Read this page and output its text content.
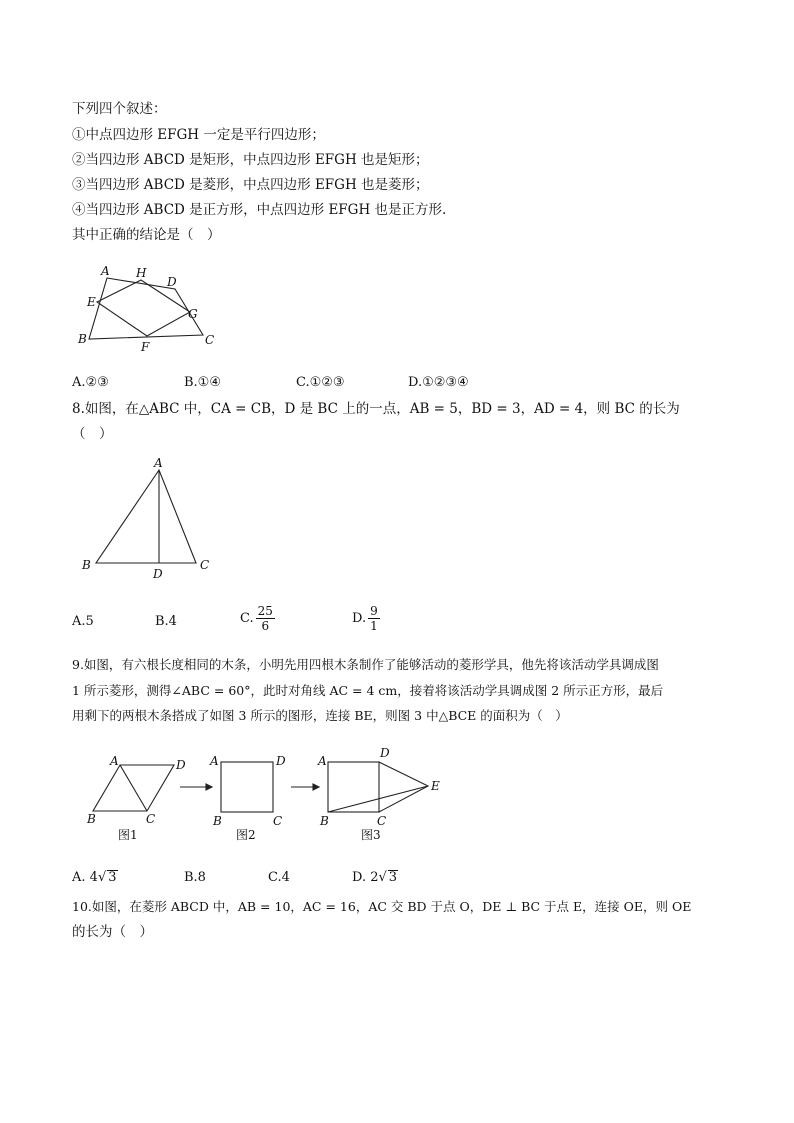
下列四个叙述：
①中点四边形 EFGH 一定是平行四边形；
②当四边形 ABCD 是矩形，中点四边形 EFGH 也是矩形；
③当四边形 ABCD 是菱形，中点四边形 EFGH 也是菱形；
④当四边形 ABCD 是正方形，中点四边形 EFGH 也是正方形.
其中正确的结论是（　）
A H
D
E
G
B
F	C
A.②③	B.①④	C.①②③	D.①②③④
8.如图，在△ABC 中，CA = CB，D 是 BC 上的一点，AB = 5，BD = 3，AD = 4，则 BC 的长为
（　）
A
B
D
C
A.5	B.4	C. $\frac{25}{6}$	D. $\frac{9}{1}$
9.如图，有六根长度相同的木条，小明先用四根木条制作了能够活动的菱形学具，他先将该活动学具调成图
1 所示菱形，测得∠ABC = 60°，此时对角线 AC = 4 cm，接着将该活动学具调成图 2 所示正方形，最后
用剩下的两根木条搭成了如图 3 所示的图形，连接 BE，则图 3 中△BCE 的面积为（　）
A	D
B	C
A	D
B	C
A
D
E
B	C
图1	图2	图3
A. 4√ 3	B.8	C.4	D. 2√ 3
10.如图，在菱形 ABCD 中，AB = 10，AC = 16，AC 交 BD 于点 O，DE ⊥ BC 于点 E，连接 OE，则 OE
的长为（　）
